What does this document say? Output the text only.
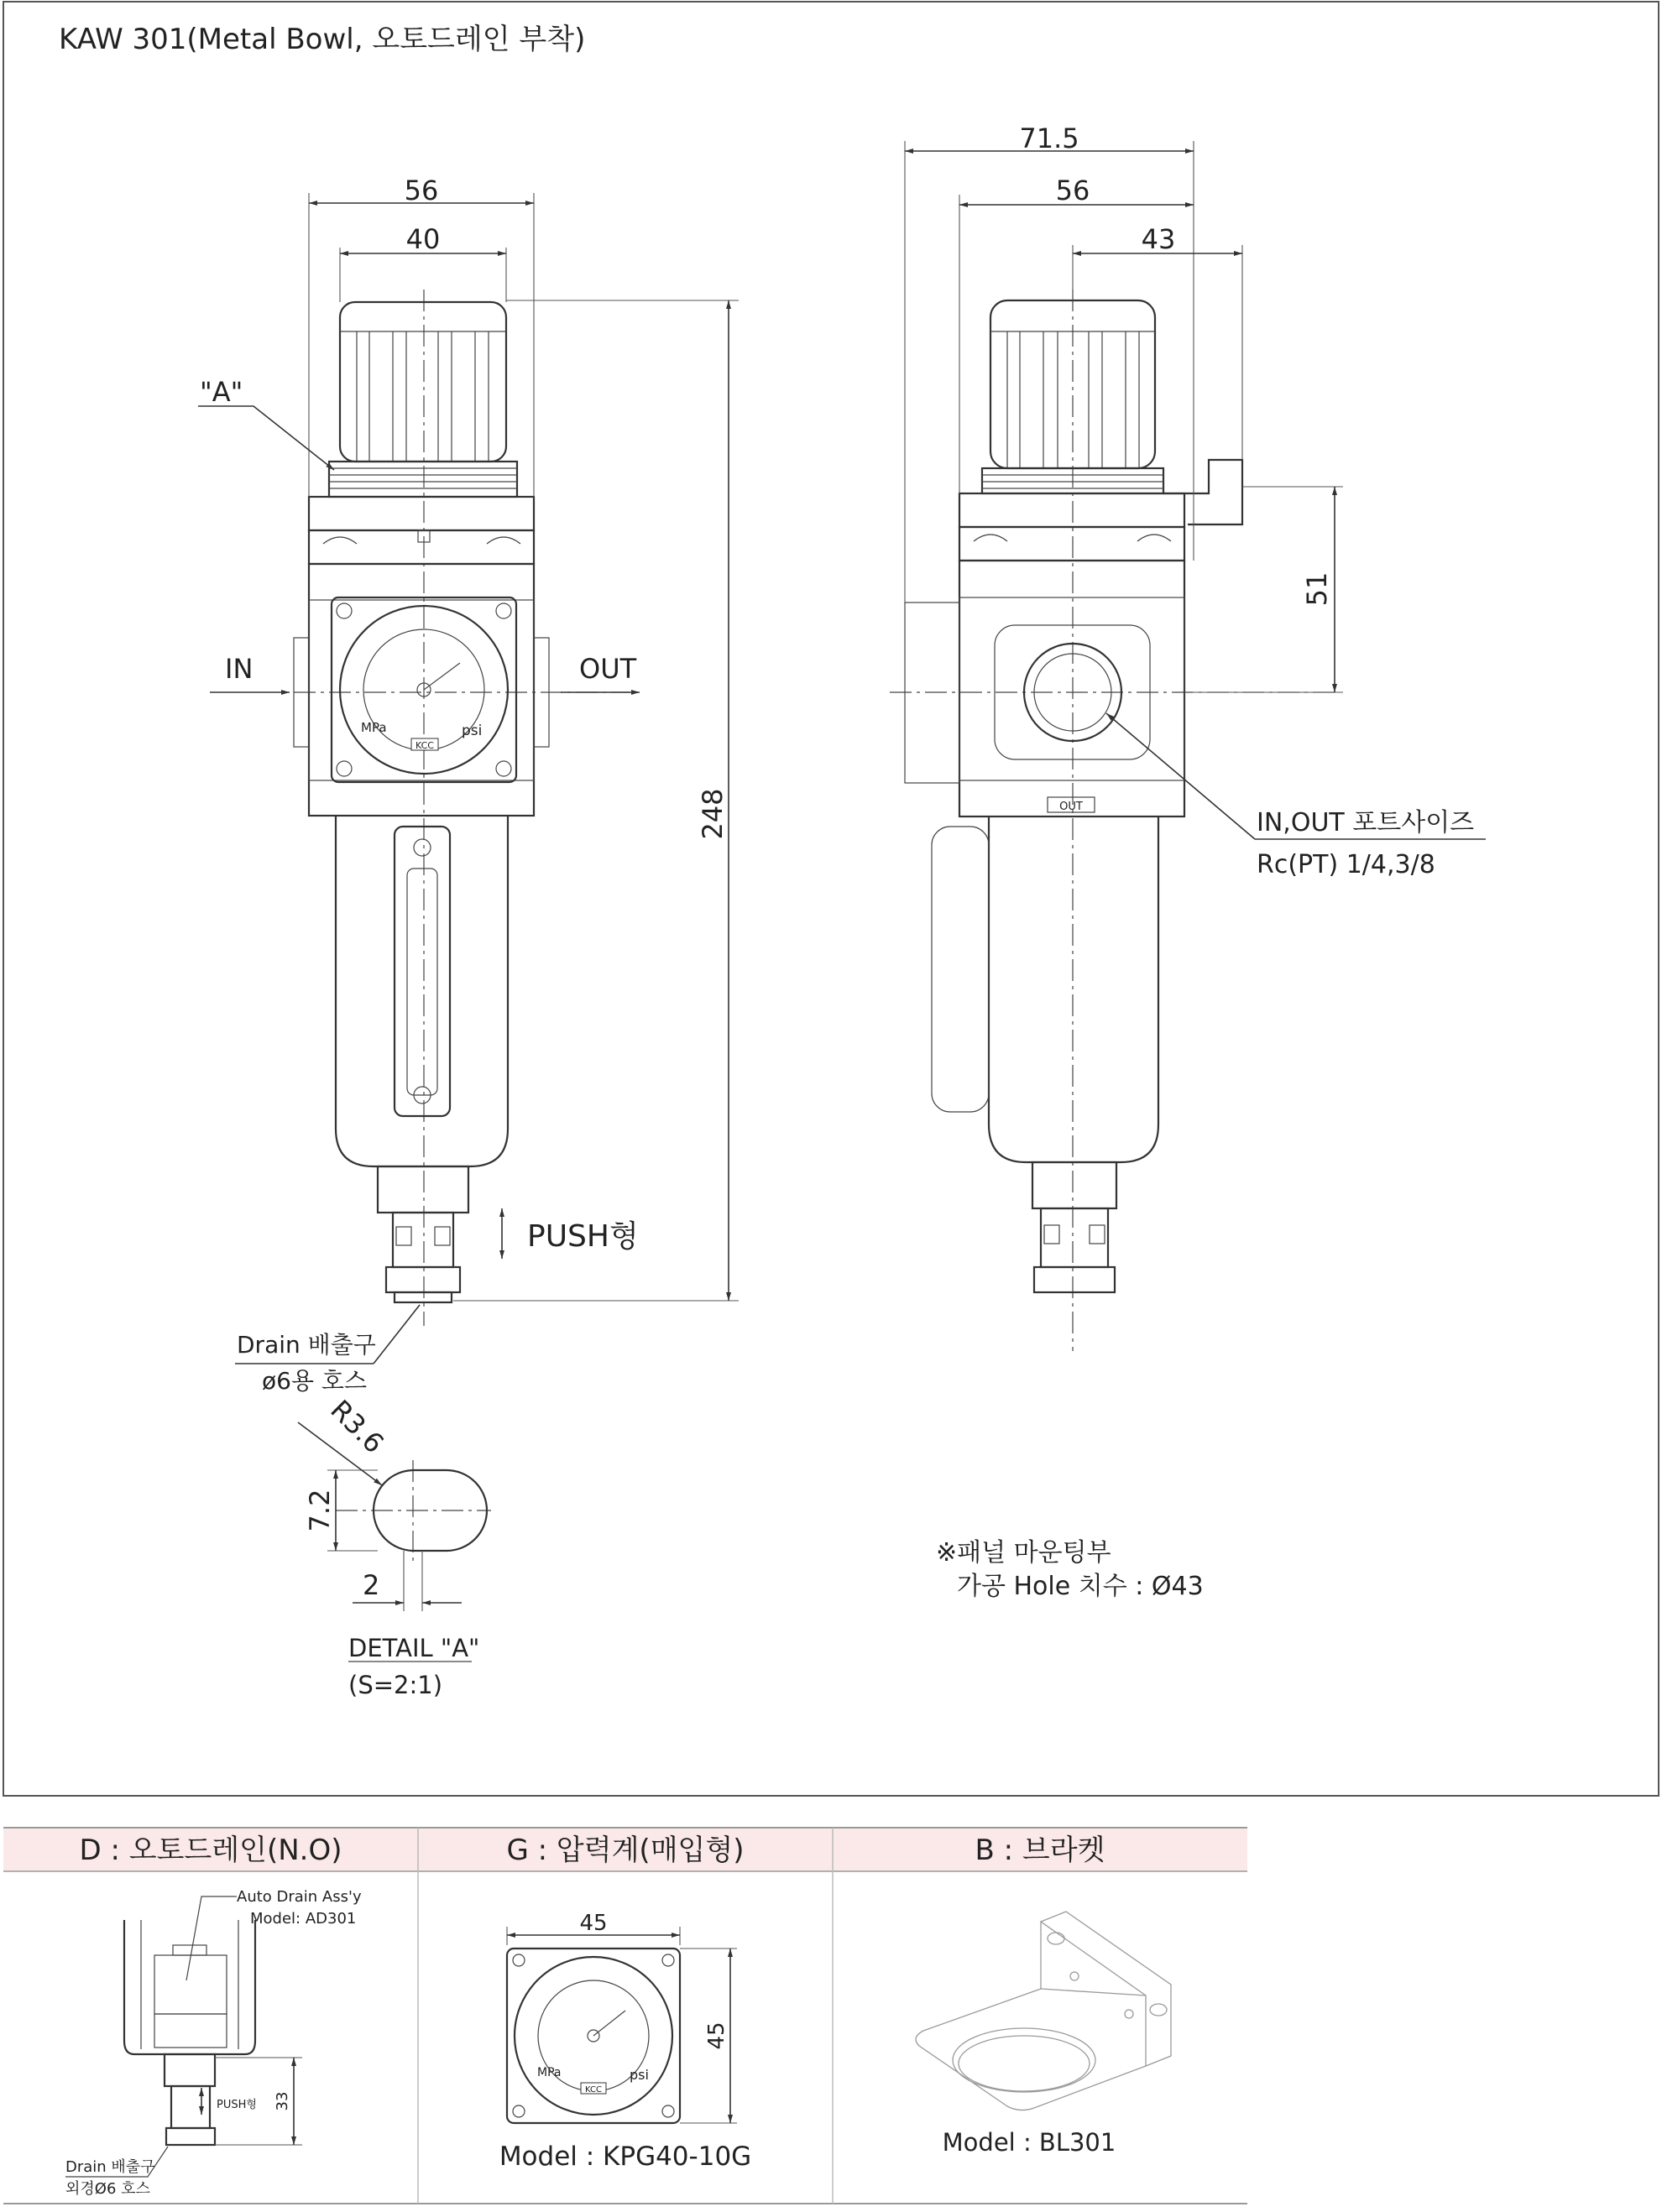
KAW 301(Metal Bowl, 오토드레인 부착)
MPa	psi
KCC
IN	OUT
56
40
248
"A"
PUSH형
Drain 배출구
ø6용 호스
7.2
R3.6
2
DETAIL "A"
(S=2:1)
OUT
71.5
56
43
51
IN,OUT 포트사이즈
Rc(PT) 1/4,3/8
※패널 마운팅부
가공 Hole 치수 : Ø43
D : 오토드레인(N.O)	G : 압력계(매입형)	B : 브라켓
Auto Drain Ass'y
Model: AD301
PUSH형 33
Drain 배출구
외경Ø6 호스
45
MPa	psi
KCC
45
Model : KPG40-10G	Model : BL301
